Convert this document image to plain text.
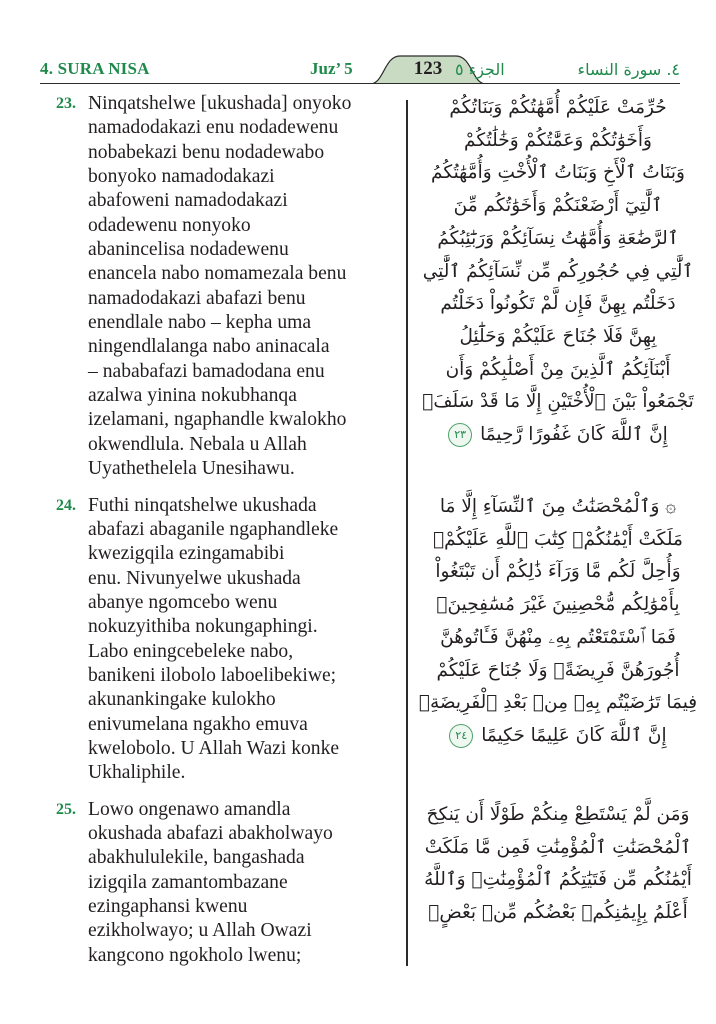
4. SURA NISA	Juz’ 5	123 الجزء ٥	٤. سورة النساء
23. Ninqatshelwe [ukushada] onyoko
namadodakazi enu nodadewenu
nobabekazi benu nodadewabo
bonyoko namadodakazi
abafoweni namadodakazi
odadewenu nonyoko
abanincelisa nodadewenu
enancela nabo nomamezala benu
namadodakazi abafazi benu
enendlale nabo – kepha uma
ningendlalanga nabo aninacala
– nababafazi bamadodana enu
azalwa yinina nokubhanqa
izelamani, ngaphandle kwalokho
okwendlula. Nebala u Allah
Uyathethelela Unesihawu.
24. Futhi ninqatshelwe ukushada
abafazi abaganile ngaphandleke
kwezigqila ezingamabibi
enu. Nivunyelwe ukushada
abanye ngomcebo wenu
nokuzyithiba nokungaphingi.
Labo eningcebeleke nabo,
banikeni ilobolo laboelibekiwe;
akunankingake kulokho
enivumelana ngakho emuva
kwelobolo. U Allah Wazi konke
Ukhaliphile.
25. Lowo ongenawo amandla
okushada abafazi abakholwayo
abakhululekile, bangashada
izigqila zamantombazane
ezingaphansi kwenu
ezikholwayo; u Allah Owazi
kangcono ngokholo lwenu;
حُرِّمَتْ عَلَيْكُمْ أُمَّهَٰتُكُمْ وَبَنَاتُكُمْ
وَأَخَوَٰتُكُمْ وَعَمَّٰتُكُمْ وَخَٰلَٰتُكُمْ
وَبَنَاتُ ٱلْأَخِ وَبَنَاتُ ٱلْأُخْتِ وَأُمَّهَٰتُكُمُ
ٱلَّٰتِيٓ أَرْضَعْنَكُمْ وَأَخَوَٰتُكُم مِّنَ
ٱلرَّضَٰعَةِ وَأُمَّهَٰتُ نِسَآئِكُمْ وَرَبَٰٓئِبُكُمُ
ٱلَّٰتِي فِي حُجُورِكُم مِّن نِّسَآئِكُمُ ٱلَّٰتِي
دَخَلْتُم بِهِنَّ فَإِن لَّمْ تَكُونُواْ دَخَلْتُم
بِهِنَّ فَلَا جُنَاحَ عَلَيْكُمْ وَحَلَٰٓئِلُ
أَبْنَآئِكُمُ ٱلَّذِينَ مِنْ أَصْلَٰبِكُمْ وَأَن
تَجْمَعُواْ بَيْنَ ٱلْأُخْتَيْنِ إِلَّا مَا قَدْ سَلَفَۗ
إِنَّ ٱللَّهَ كَانَ غَفُورًا رَّحِيمًا ٢٣
۞ وَٱلْمُحْصَنَٰتُ مِنَ ٱلنِّسَآءِ إِلَّا مَا
مَلَكَتْ أَيْمَٰنُكُمْۖ كِتَٰبَ ٱللَّهِ عَلَيْكُمْۚ
وَأُحِلَّ لَكُم مَّا وَرَآءَ ذَٰلِكُمْ أَن تَبْتَغُواْ
بِأَمْوَٰلِكُم مُّحْصِنِينَ غَيْرَ مُسَٰفِحِينَۚ
فَمَا ٱسْتَمْتَعْتُم بِهِۦ مِنْهُنَّ فَـَٔاتُوهُنَّ
أُجُورَهُنَّ فَرِيضَةًۚ وَلَا جُنَاحَ عَلَيْكُمْ
فِيمَا تَرَٰضَيْتُم بِهِۦ مِنۢ بَعْدِ ٱلْفَرِيضَةِۚ
إِنَّ ٱللَّهَ كَانَ عَلِيمًا حَكِيمًا ٢٤
وَمَن لَّمْ يَسْتَطِعْ مِنكُمْ طَوْلًا أَن يَنكِحَ
ٱلْمُحْصَنَٰتِ ٱلْمُؤْمِنَٰتِ فَمِن مَّا مَلَكَتْ
أَيْمَٰنُكُم مِّن فَتَيَٰتِكُمُ ٱلْمُؤْمِنَٰتِۚ وَٱللَّهُ
أَعْلَمُ بِإِيمَٰنِكُمۚ بَعْضُكُم مِّنۢ بَعْضٍۚ
